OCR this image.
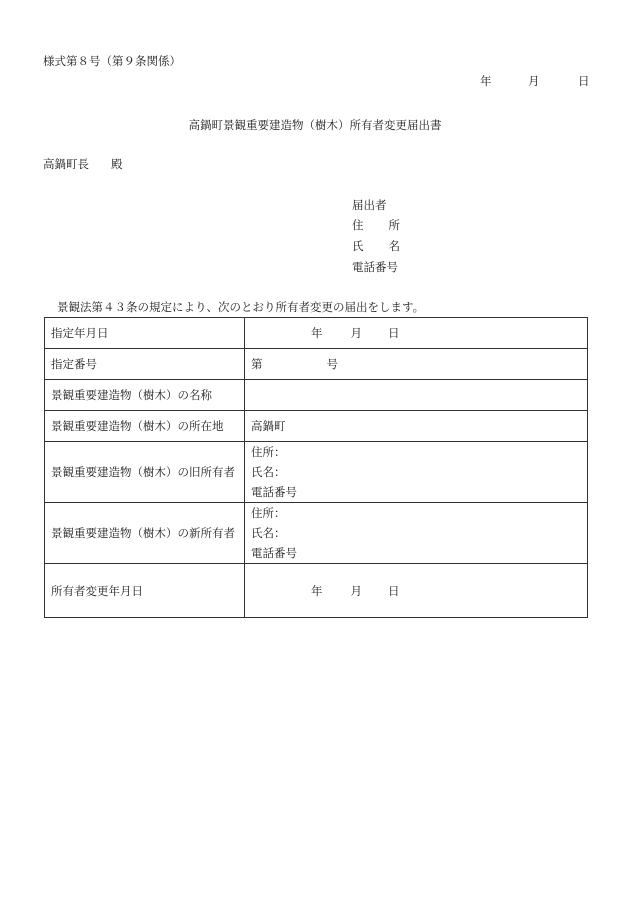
様式第８号（第９条関係）
年	月	日
高鍋町景観重要建造物（樹木）所有者変更届出書
高鍋町長 殿
届出者
住　所
氏　名
電話番号
景観法第４３条の規定により、次のとおり所有者変更の届出をします。
指定年月日	年 月 日
指定番号	第 号
景観重要建造物（樹木）の名称	
景観重要建造物（樹木）の所在地	高鍋町
景観重要建造物（樹木）の旧所有者	住所：
氏名：
電話番号

景観重要建造物（樹木）の新所有者	住所：
氏名：
電話番号

所有者変更年月日	年 月 日
